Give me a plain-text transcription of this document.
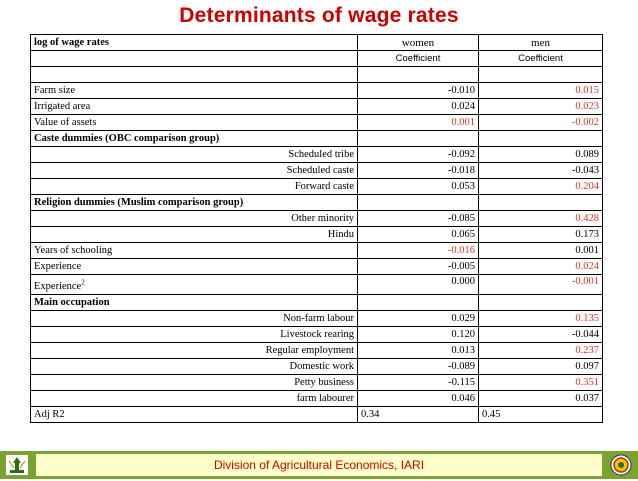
Determinants of wage rates
log of wage rates	women	men
	Coefficient	Coefficient

Farm size	-0.010	0.015
Irrigated area	0.024	0.023
Value of assets	0.001	-0.002
Caste dummies (OBC comparison group)		
Scheduled tribe	-0.092	0.089
Scheduled caste	-0.018	-0.043
Forward caste	0.053	0.204
Religion dummies (Muslim comparison group)		
Other minority	-0.085	0.428
Hindu	0.065	0.173
Years of schooling	-0.016	0.001
Experience	-0.005	0.024
Experience$^2$	0.000	-0.001
Main occupation		
Non-farm labour	0.029	0.135
Livestock rearing	0.120	-0.044
Regular employment	0.013	0.237
Domestic work	-0.089	0.097
Petty business	-0.115	0.351
farm labourer	0.046	0.037
Adj R2	0.34	0.45
Division of Agricultural Economics, IARI
